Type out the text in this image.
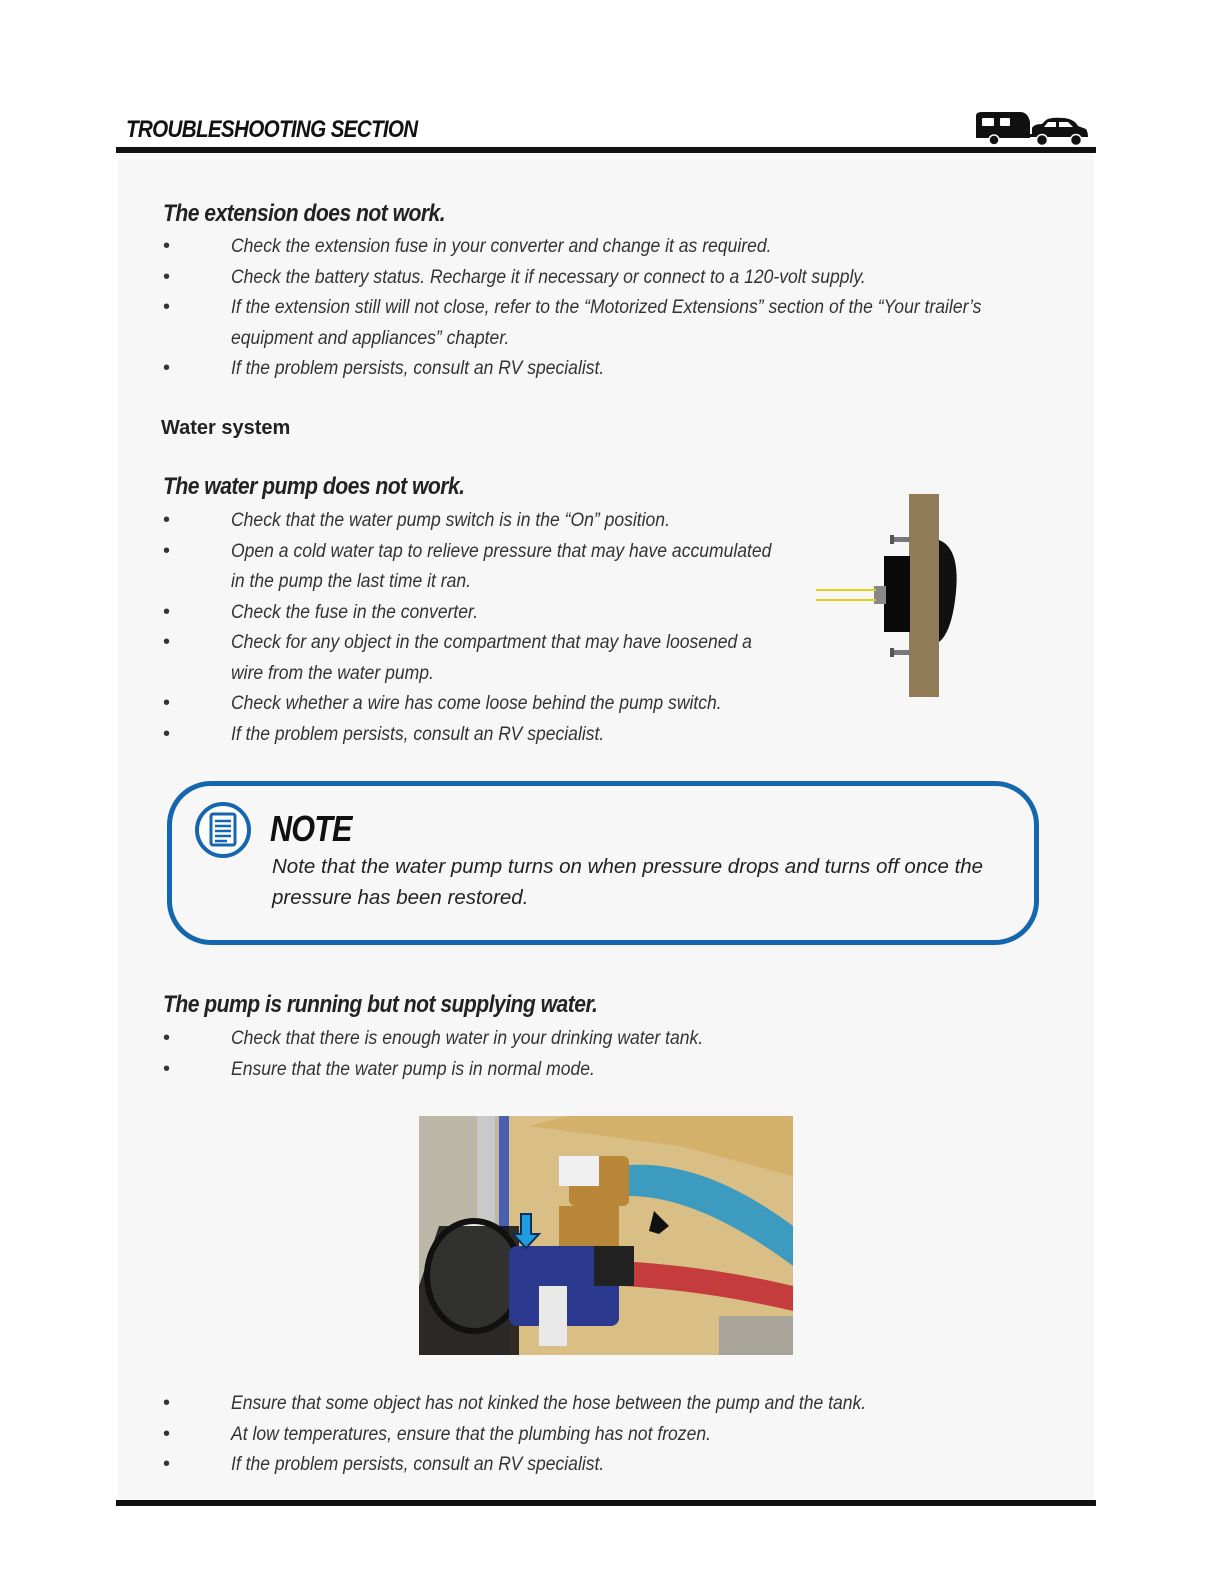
TROUBLESHOOTING SECTION
The extension does not work.
•	Check the extension fuse in your converter and change it as required.
•	Check the battery status. Recharge it if necessary or connect to a 120-volt supply.
•	If the extension still will not close, refer to the “Motorized Extensions” section of the “Your trailer’s equipment and appliances” chapter.
•	If the problem persists, consult an RV specialist.
Water system
The water pump does not work.
•	Check that the water pump switch is in the “On” position.
•	Open a cold water tap to relieve pressure that may have accumulated in the pump the last time it ran.
•	Check the fuse in the converter.
•	Check for any object in the compartment that may have loosened a wire from the water pump.
•	Check whether a wire has come loose behind the pump switch.
•	If the problem persists, consult an RV specialist.
NOTE
Note that the water pump turns on when pressure drops and turns off once the pressure has been restored.
The pump is running but not supplying water.
•	Check that there is enough water in your drinking water tank.
•	Ensure that the water pump is in normal mode.
•	Ensure that some object has not kinked the hose between the pump and the tank.
•	At low temperatures, ensure that the plumbing has not frozen.
•	If the problem persists, consult an RV specialist.
